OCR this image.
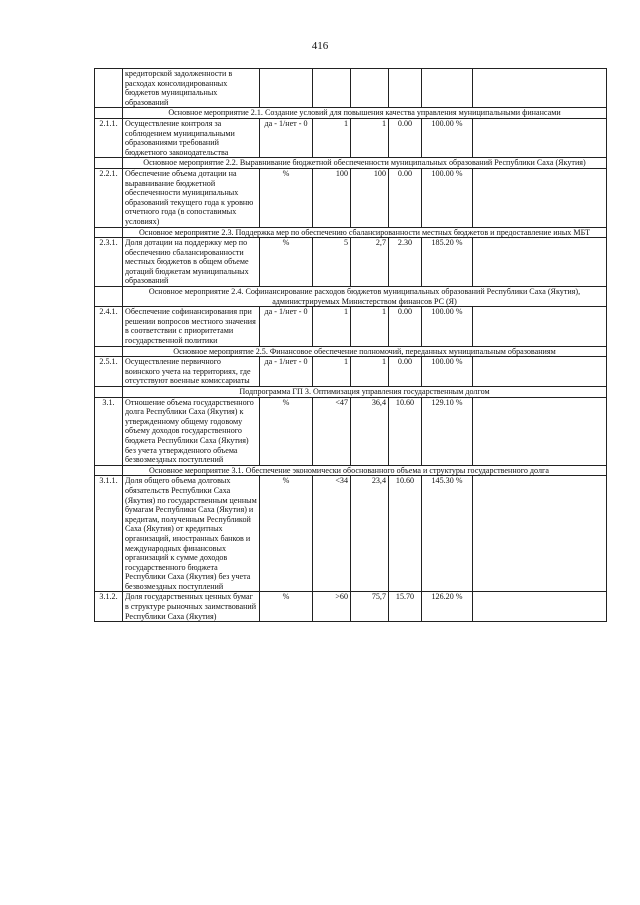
416
	кредиторской задолженности в расходах консолидированных бюджетов муниципальных образований						
	Основное мероприятие 2.1. Создание условий для повышения качества управления муниципальными финансами						
2.1.1.	Осуществление контроля за соблюдением муниципальными образованиями требований бюджетного законодательства	да - 1/нет - 0	1	1	0.00	100.00 %	
	Основное мероприятие 2.2. Выравнивание бюджетной обеспеченности муниципальных образований Республики Саха (Якутия)						
2.2.1.	Обеспечение объема дотации на выравнивание бюджетной обеспеченности муниципальных образований текущего года к уровню отчетного года (в сопоставимых условиях)	%	100	100	0.00	100.00 %	
	Основное мероприятие 2.3. Поддержка мер по обеспечению сбалансированности местных бюджетов и предоставление иных МБТ						
2.3.1.	Доля дотации на поддержку мер по обеспечению сбалансированности местных бюджетов в общем объеме дотаций бюджетам муниципальных образований	%	5	2,7	2.30	185.20 %	
	Основное мероприятие 2.4. Софинансирование расходов бюджетов муниципальных образований Республики Саха (Якутия), администрируемых Министерством финансов РС (Я)						
2.4.1.	Обеспечение софинансирования при решении вопросов местного значения в соответствии с приоритетами государственной политики	да - 1/нет - 0	1	1	0.00	100.00 %	
	Основное мероприятие 2.5. Финансовое обеспечение полномочий, переданных муниципальным образованиям						
2.5.1.	Осуществление первичного воинского учета на территориях, где отсутствуют военные комиссариаты	да - 1/нет - 0	1	1	0.00	100.00 %	
	Подпрограмма ГП 3. Оптимизация управления государственным долгом						
3.1.	Отношение объема государственного долга Республики Саха (Якутия) к утвержденному общему годовому объему доходов государственного бюджета Республики Саха (Якутия) без учета утвержденного объема безвозмездных поступлений	%	<47	36,4	10.60	129.10 %	
	Основное мероприятие 3.1. Обеспечение экономически обоснованного объема и структуры государственного долга						
3.1.1.	Доля общего объема долговых обязательств Республики Саха (Якутия) по государственным ценным бумагам Республики Саха (Якутия) и кредитам, полученным Республикой Саха (Якутия) от кредитных организаций, иностранных банков и международных финансовых организаций к сумме доходов государственного бюджета Республики Саха (Якутия) без учета безвозмездных поступлений	%	<34	23,4	10.60	145.30 %	
3.1.2.	Доля государственных ценных бумаг в структуре рыночных заимствований Республики Саха (Якутия)	%	>60	75,7	15.70	126.20 %	
